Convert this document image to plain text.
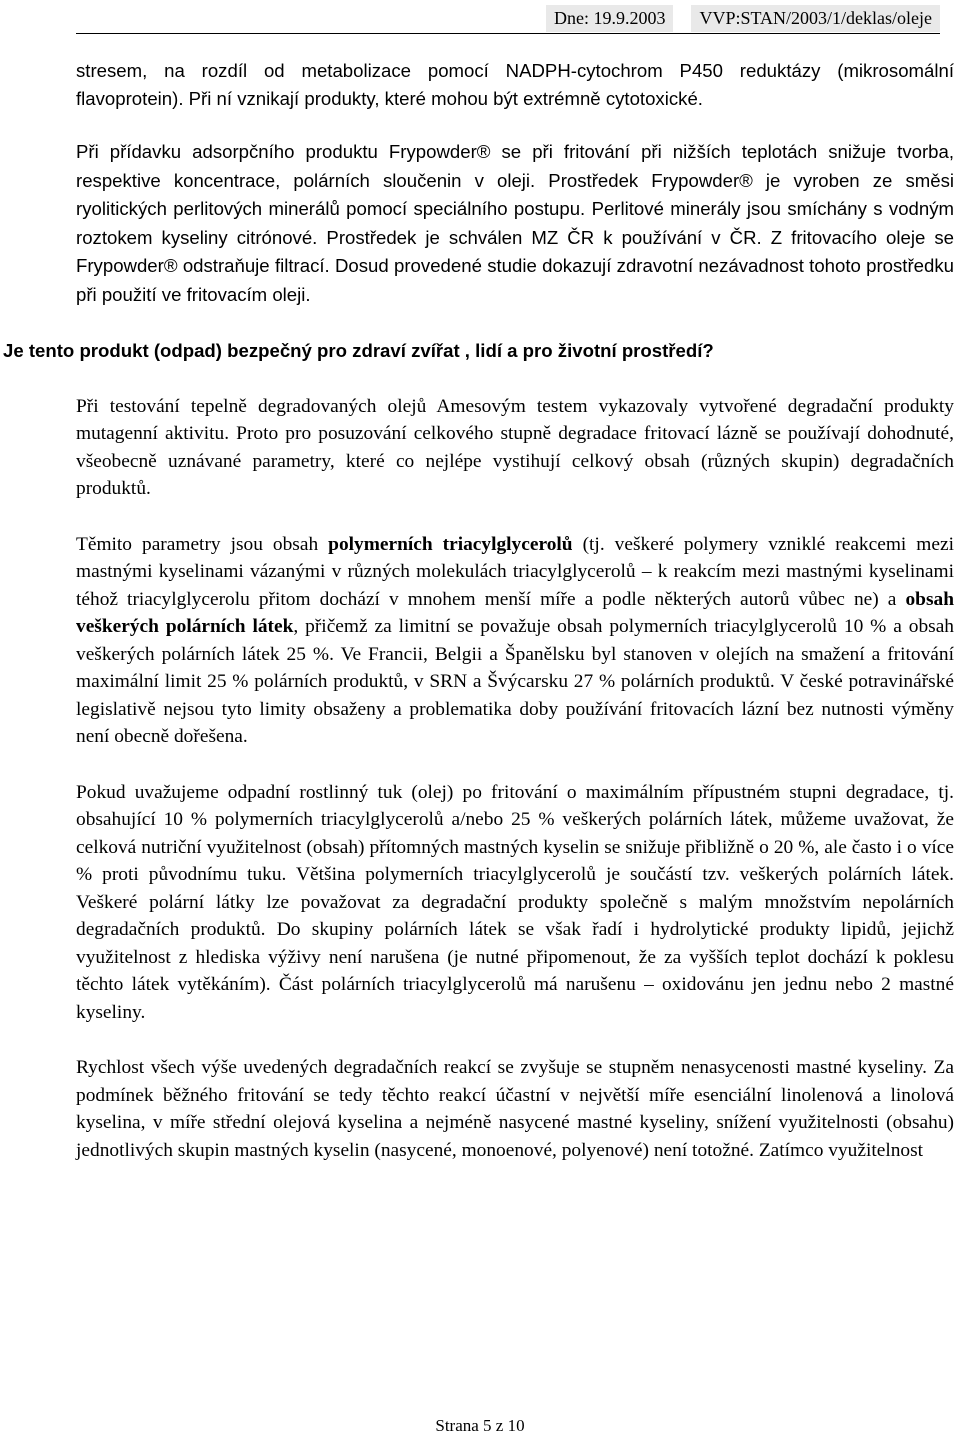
Dne: 19.9.2003	VVP:STAN/2003/1/deklas/oleje

stresem, na rozdíl od metabolizace pomocí NADPH-cytochrom P450 reduktázy (mikrosomální flavoprotein). Při ní vznikají produkty, které mohou být extrémně cytotoxické.

Při přídavku adsorpčního produktu Frypowder® se při fritování při nižších teplotách snižuje tvorba, respektive koncentrace, polárních sloučenin v oleji. Prostředek Frypowder® je vyroben ze směsi ryolitických perlitových minerálů pomocí speciálního postupu. Perlitové minerály jsou smíchány s vodným roztokem kyseliny citrónové. Prostředek je schválen MZ ČR k používání v ČR. Z fritovacího oleje se Frypowder® odstraňuje filtrací. Dosud provedené studie dokazují zdravotní nezávadnost tohoto prostředku při použití ve fritovacím oleji.

Je tento produkt (odpad) bezpečný pro zdraví zvířat , lidí a pro životní prostředí?

Při testování tepelně degradovaných olejů Amesovým testem vykazovaly vytvořené degradační produkty mutagenní aktivitu. Proto pro posuzování celkového stupně degradace fritovací lázně se používají dohodnuté, všeobecně uznávané parametry, které co nejlépe vystihují celkový obsah (různých skupin) degradačních produktů.

Těmito parametry jsou obsah polymerních triacylglycerolů (tj. veškeré polymery vzniklé reakcemi mezi mastnými kyselinami vázanými v různých molekulách triacylglycerolů – k reakcím mezi mastnými kyselinami téhož triacylglycerolu přitom dochází v mnohem menší míře a podle některých autorů vůbec ne) a obsah veškerých polárních látek, přičemž za limitní se považuje obsah polymerních triacylglycerolů 10 % a obsah veškerých polárních látek 25 %. Ve Francii, Belgii a Španělsku byl stanoven v olejích na smažení a fritování maximální limit 25 % polárních produktů, v SRN a Švýcarsku 27 % polárních produktů. V české potravinářské legislativě nejsou tyto limity obsaženy a problematika doby používání fritovacích lázní bez nutnosti výměny není obecně dořešena.

Pokud uvažujeme odpadní rostlinný tuk (olej) po fritování o maximálním přípustném stupni degradace, tj. obsahující 10 % polymerních triacylglycerolů a/nebo 25 % veškerých polárních látek, můžeme uvažovat, že celková nutriční využitelnost (obsah) přítomných mastných kyselin se snižuje přibližně o 20 %, ale často i o více % proti původnímu tuku. Většina polymerních triacylglycerolů je součástí tzv. veškerých polárních látek. Veškeré polární látky lze považovat za degradační produkty společně s malým množstvím nepolárních degradačních produktů. Do skupiny polárních látek se však řadí i hydrolytické produkty lipidů, jejichž využitelnost z hlediska výživy není narušena (je nutné připomenout, že za vyšších teplot dochází k poklesu těchto látek vytěkáním). Část polárních triacylglycerolů má narušenu – oxidovánu jen jednu nebo 2 mastné kyseliny.

Rychlost všech výše uvedených degradačních reakcí se zvyšuje se stupněm nenasycenosti mastné kyseliny. Za podmínek běžného fritování se tedy těchto reakcí účastní v největší míře esenciální linolenová a linolová kyselina, v míře střední olejová kyselina a nejméně nasycené mastné kyseliny, snížení využitelnosti (obsahu) jednotlivých skupin mastných kyselin (nasycené, monoenové, polyenové) není totožné. Zatímco využitelnost

Strana 5 z 10
